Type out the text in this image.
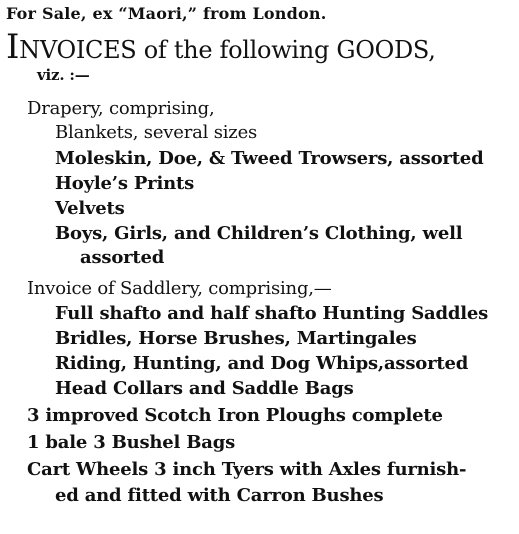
For Sale, ex “Maori,” from London.
INVOICES of the following GOODS,
viz. :—
Drapery, comprising,
Blankets, several sizes
Moleskin, Doe, & Tweed Trowsers, assorted
Hoyle’s Prints
Velvets
Boys, Girls, and Children’s Clothing, well
assorted
Invoice of Saddlery, comprising,—
Full shafto and half shafto Hunting Saddles
Bridles, Horse Brushes, Martingales
Riding, Hunting, and Dog Whips,assorted
Head Collars and Saddle Bags
3 improved Scotch Iron Ploughs complete
1 bale 3 Bushel Bags
Cart Wheels 3 inch Tyers with Axles furnish-
ed and fitted with Carron Bushes
